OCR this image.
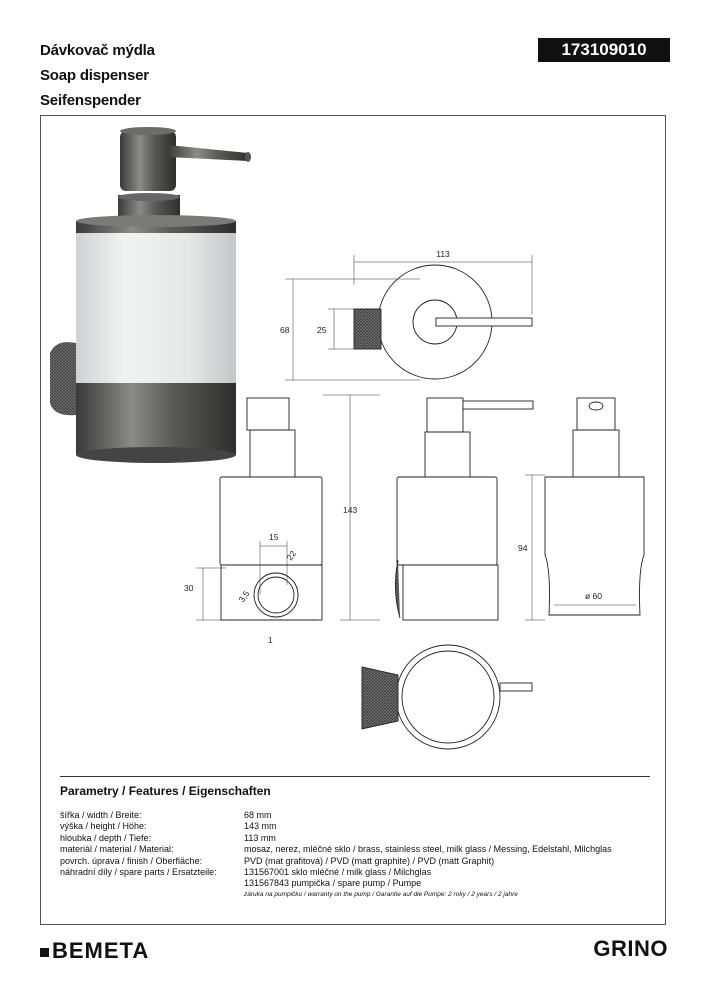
Dávkovač mýdla
Soap dispenser
Seifenspender
173109010
113
68	25
143
15
22
3,5
30
1
94
ø 60
Parametry / Features / Eigenschaften
šířka / width / Breite:	68 mm
výška / height / Höhe:	143 mm
hloubka / depth / Tiefe:	113 mm
materiál / material / Material:	mosaz, nerez, mléčné sklo / brass, stainless steel, milk glass / Messing, Edelstahl, Milchglas
povrch. úprava / finish / Oberfläche:	PVD (mat grafitová) / PVD (matt graphite) / PVD (matt Graphit)
náhradní díly / spare parts / Ersatzteile:	131567001 sklo mléčné / milk glass / Milchglas
131567843 pumpička / spare pump / Pumpe
záruka na pumpičku / warranty on the pump / Garantie auf die Pumpe: 2 roky / 2 years / 2 jahre
BEMETA	GRINO
